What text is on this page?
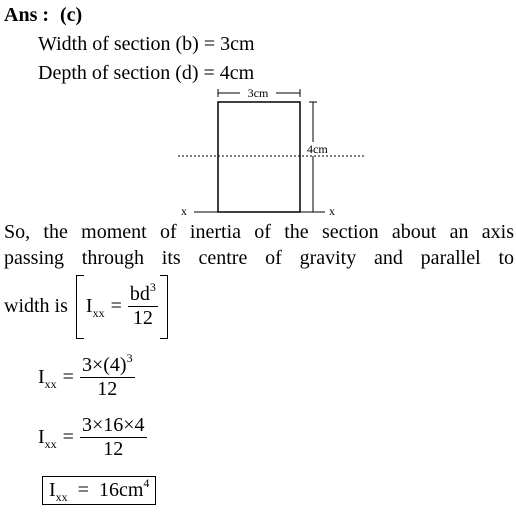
Ans : (c)
Width of section (b) = 3cm
Depth of section (d) = 4cm
3cm
4cm
x	x
So, the moment of inertia of the section about an axis
passing through its centre of gravity and parallel to
width is $I_{xx} = \frac{bd^3}{12}$
$I_{xx} = \frac{3\times(4)^3}{12}$
$I_{xx} = \frac{3\times 16\times 4}{12}$
$I_{xx} = 16cm^4$
